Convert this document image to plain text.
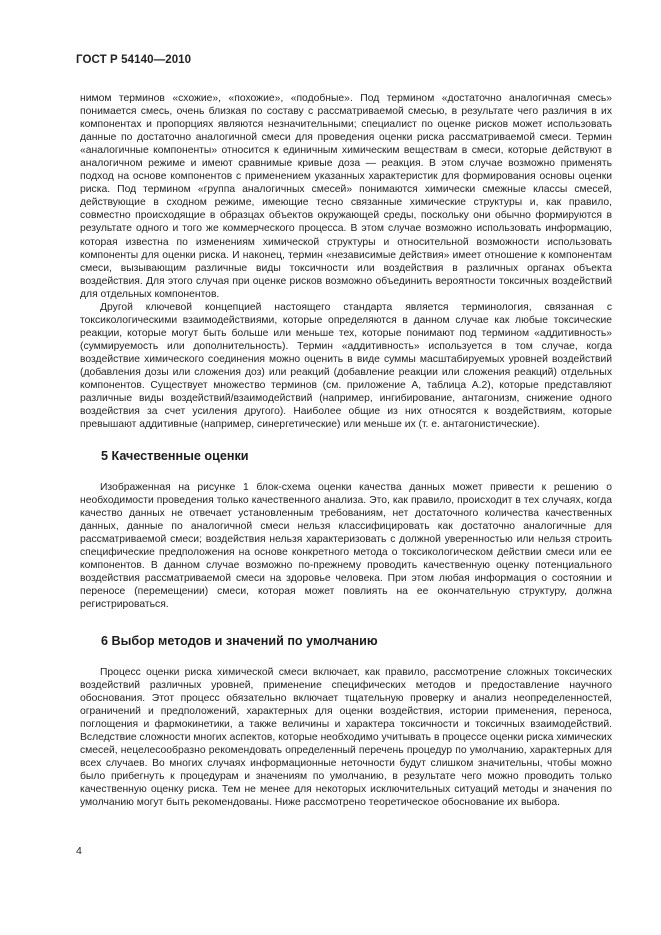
ГОСТ Р 54140—2010

нимом терминов «схожие», «похожие», «подобные». Под термином «достаточно аналогичная смесь» понимается смесь, очень близкая по составу с рассматриваемой смесью, в результате чего различия в их компонентах и пропорциях являются незначительными; специалист по оценке рисков может использовать данные по достаточно аналогичной смеси для проведения оценки риска рассматриваемой смеси. Термин «аналогичные компоненты» относится к единичным химическим веществам в смеси, которые действуют в аналогичном режиме и имеют сравнимые кривые доза — реакция. В этом случае возможно применять подход на основе компонентов с применением указанных характеристик для формирования основы оценки риска. Под термином «группа аналогичных смесей» понимаются химически смежные классы смесей, действующие в сходном режиме, имеющие тесно связанные химические структуры и, как правило, совместно происходящие в образцах объектов окружающей среды, поскольку они обычно формируются в результате одного и того же коммерческого процесса. В этом случае возможно использовать информацию, которая известна по изменениям химической структуры и относительной возможности использовать компоненты для оценки риска. И наконец, термин «независимые действия» имеет отношение к компонентам смеси, вызывающим различные виды токсичности или воздействия в различных органах объекта воздействия. Для этого случая при оценке рисков возможно объединить вероятности токсичных воздействий для отдельных компонентов.

Другой ключевой концепцией настоящего стандарта является терминология, связанная с токсикологическими взаимодействиями, которые определяются в данном случае как любые токсические реакции, которые могут быть больше или меньше тех, которые понимают под термином «аддитивность» (суммируемость или дополнительность). Термин «аддитивность» используется в том случае, когда воздействие химического соединения можно оценить в виде суммы масштабируемых уровней воздействий (добавления дозы или сложения доз) или реакций (добавление реакции или сложения реакций) отдельных компонентов. Существует множество терминов (см. приложение А, таблица А.2), которые представляют различные виды воздействий/взаимодействий (например, ингибирование, антагонизм, снижение одного воздействия за счет усиления другого). Наиболее общие из них относятся к воздействиям, которые превышают аддитивные (например, синергетические) или меньше их (т. е. антагонистические).

5 Качественные оценки

Изображенная на рисунке 1 блок-схема оценки качества данных может привести к решению о необходимости проведения только качественного анализа. Это, как правило, происходит в тех случаях, когда качество данных не отвечает установленным требованиям, нет достаточного количества качественных данных, данные по аналогичной смеси нельзя классифицировать как достаточно аналогичные для рассматриваемой смеси; воздействия нельзя характеризовать с должной уверенностью или нельзя строить специфические предположения на основе конкретного метода о токсикологическом действии смеси или ее компонентов. В данном случае возможно по-прежнему проводить качественную оценку потенциального воздействия рассматриваемой смеси на здоровье человека. При этом любая информация о состоянии и переносе (перемещении) смеси, которая может повлиять на ее окончательную структуру, должна регистрироваться.

6 Выбор методов и значений по умолчанию

Процесс оценки риска химической смеси включает, как правило, рассмотрение сложных токсических воздействий различных уровней, применение специфических методов и предоставление научного обоснования. Этот процесс обязательно включает тщательную проверку и анализ неопределенностей, ограничений и предположений, характерных для оценки воздействия, истории применения, переноса, поглощения и фармокинетики, а также величины и характера токсичности и токсичных взаимодействий. Вследствие сложности многих аспектов, которые необходимо учитывать в процессе оценки риска химических смесей, нецелесообразно рекомендовать определенный перечень процедур по умолчанию, характерных для всех случаев. Во многих случаях информационные неточности будут слишком значительны, чтобы можно было прибегнуть к процедурам и значениям по умолчанию, в результате чего можно проводить только качественную оценку риска. Тем не менее для некоторых исключительных ситуаций методы и значения по умолчанию могут быть рекомендованы. Ниже рассмотрено теоретическое обоснование их выбора.

4
